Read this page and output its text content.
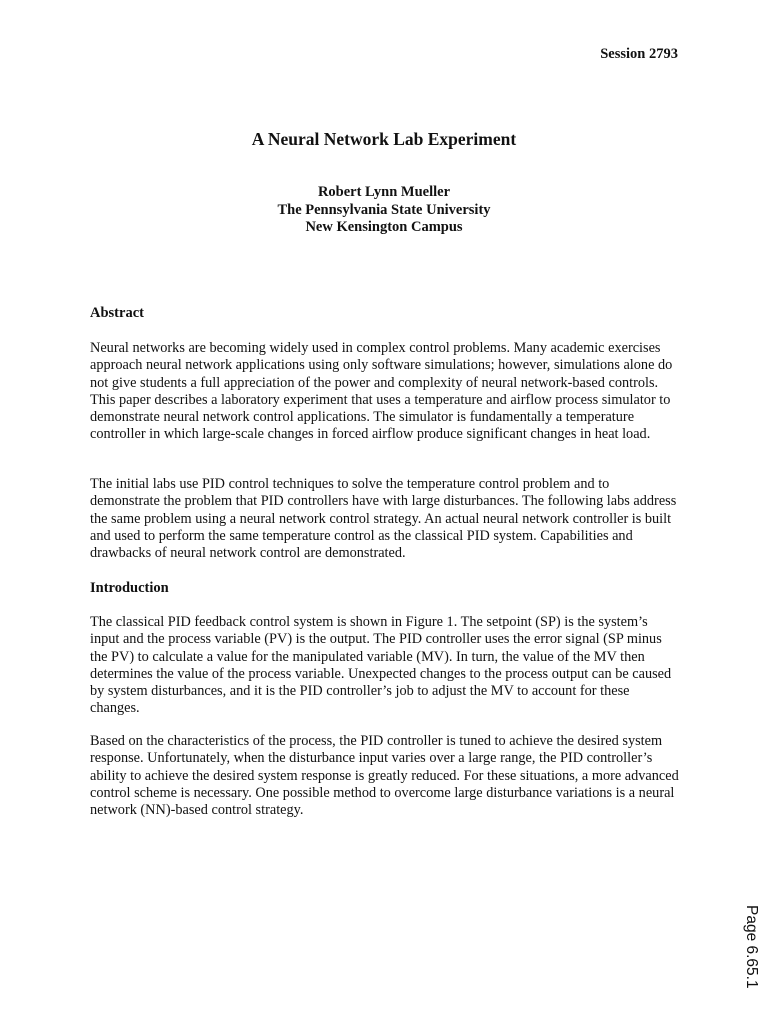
Session 2793
A Neural Network Lab Experiment
Robert Lynn Mueller
The Pennsylvania State University
New Kensington Campus
Abstract
Neural networks are becoming widely used in complex control problems. Many academic exercises approach neural network applications using only software simulations; however, simulations alone do not give students a full appreciation of the power and complexity of neural network-based controls. This paper describes a laboratory experiment that uses a temperature and airflow process simulator to demonstrate neural network control applications. The simulator is fundamentally a temperature controller in which large-scale changes in forced airflow produce significant changes in heat load.
The initial labs use PID control techniques to solve the temperature control problem and to demonstrate the problem that PID controllers have with large disturbances. The following labs address the same problem using a neural network control strategy. An actual neural network controller is built and used to perform the same temperature control as the classical PID system. Capabilities and drawbacks of neural network control are demonstrated.
Introduction
The classical PID feedback control system is shown in Figure 1. The setpoint (SP) is the system’s input and the process variable (PV) is the output. The PID controller uses the error signal (SP minus the PV) to calculate a value for the manipulated variable (MV). In turn, the value of the MV then determines the value of the process variable. Unexpected changes to the process output can be caused by system disturbances, and it is the PID controller’s job to adjust the MV to account for these changes.
Based on the characteristics of the process, the PID controller is tuned to achieve the desired system response. Unfortunately, when the disturbance input varies over a large range, the PID controller’s ability to achieve the desired system response is greatly reduced. For these situations, a more advanced control scheme is necessary. One possible method to overcome large disturbance variations is a neural network (NN)-based control strategy.
Page 6.65.1
